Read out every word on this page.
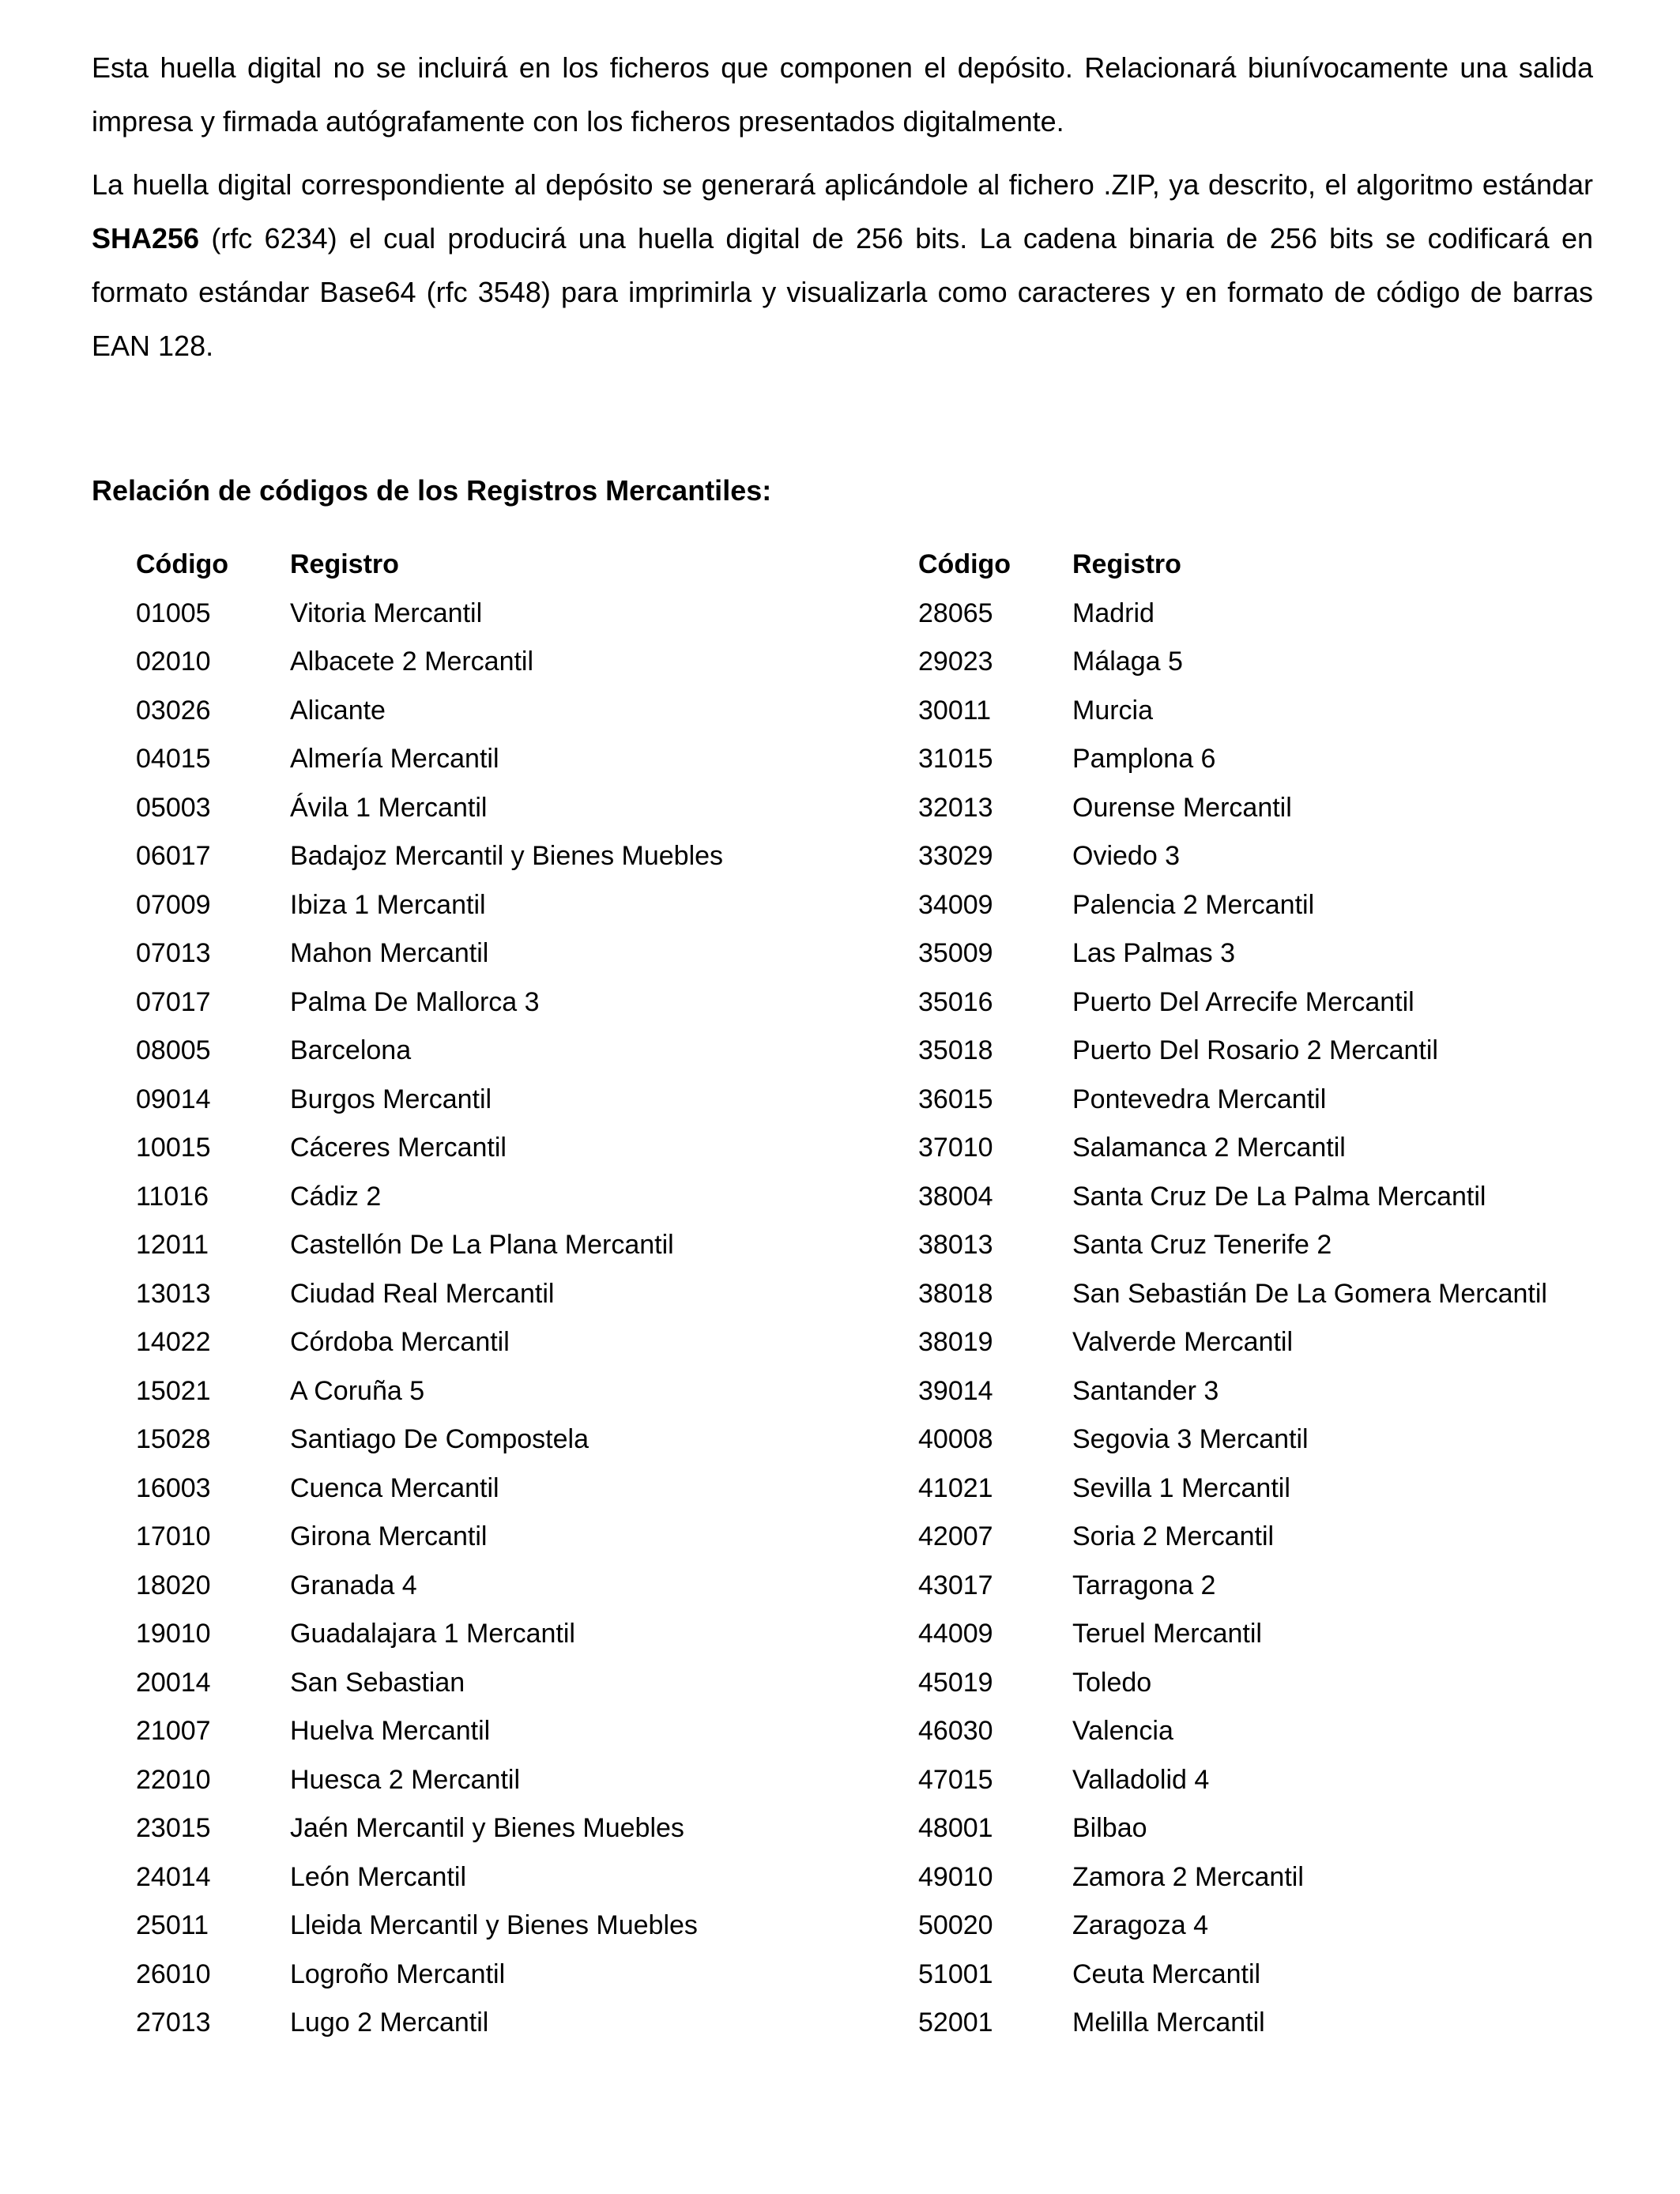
Esta huella digital no se incluirá en los ficheros que componen el depósito. Relacionará biunívocamente una salida impresa y firmada autógrafamente con los ficheros presentados digitalmente.

La huella digital correspondiente al depósito se generará aplicándole al fichero .ZIP, ya descrito, el algoritmo estándar SHA256 (rfc 6234) el cual producirá una huella digital de 256 bits. La cadena binaria de 256 bits se codificará en formato estándar Base64 (rfc 3548) para imprimirla y visualizarla como caracteres y en formato de código de barras EAN 128.

Relación de códigos de los Registros Mercantiles:
Código	Registro
01005	Vitoria Mercantil
02010	Albacete 2 Mercantil
03026	Alicante
04015	Almería Mercantil
05003	Ávila 1 Mercantil
06017	Badajoz Mercantil y Bienes Muebles
07009	Ibiza 1 Mercantil
07013	Mahon Mercantil
07017	Palma De Mallorca 3
08005	Barcelona
09014	Burgos Mercantil
10015	Cáceres Mercantil
11016	Cádiz 2
12011	Castellón De La Plana Mercantil
13013	Ciudad Real Mercantil
14022	Córdoba Mercantil
15021	A Coruña 5
15028	Santiago De Compostela
16003	Cuenca Mercantil
17010	Girona Mercantil
18020	Granada 4
19010	Guadalajara 1 Mercantil
20014	San Sebastian
21007	Huelva Mercantil
22010	Huesca 2 Mercantil
23015	Jaén Mercantil y Bienes Muebles
24014	León Mercantil
25011	Lleida Mercantil y Bienes Muebles
26010	Logroño Mercantil
27013	Lugo 2 Mercantil
Código	Registro
28065	Madrid
29023	Málaga 5
30011	Murcia
31015	Pamplona 6
32013	Ourense Mercantil
33029	Oviedo 3
34009	Palencia 2 Mercantil
35009	Las Palmas 3
35016	Puerto Del Arrecife Mercantil
35018	Puerto Del Rosario 2 Mercantil
36015	Pontevedra Mercantil
37010	Salamanca 2 Mercantil
38004	Santa Cruz De La Palma Mercantil
38013	Santa Cruz Tenerife 2
38018	San Sebastián De La Gomera Mercantil
38019	Valverde Mercantil
39014	Santander 3
40008	Segovia 3 Mercantil
41021	Sevilla 1 Mercantil
42007	Soria 2 Mercantil
43017	Tarragona 2
44009	Teruel Mercantil
45019	Toledo
46030	Valencia
47015	Valladolid 4
48001	Bilbao
49010	Zamora 2 Mercantil
50020	Zaragoza 4
51001	Ceuta Mercantil
52001	Melilla Mercantil
